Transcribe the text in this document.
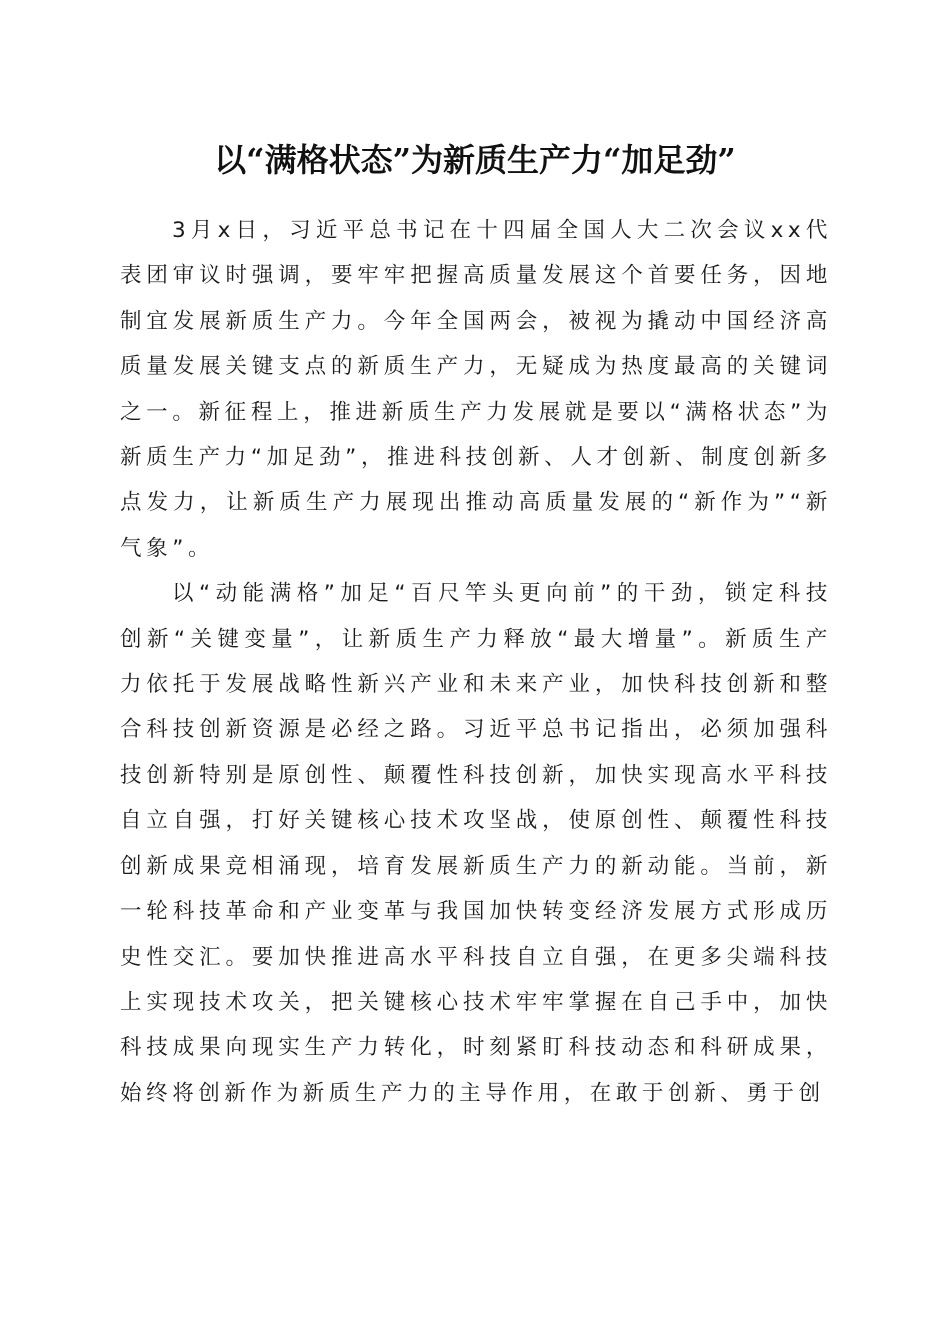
以“满格状态”为新质生产力“加足劲”

3月x日，习近平总书记在十四届全国人大二次会议xx代表团审议时强调，要牢牢把握高质量发展这个首要任务，因地制宜发展新质生产力。今年全国两会，被视为撬动中国经济高质量发展关键支点的新质生产力，无疑成为热度最高的关键词之一。新征程上，推进新质生产力发展就是要以“满格状态”为新质生产力“加足劲”，推进科技创新、人才创新、制度创新多点发力，让新质生产力展现出推动高质量发展的“新作为”“新气象”。

以“动能满格”加足“百尺竿头更向前”的干劲，锁定科技创新“关键变量”，让新质生产力释放“最大增量”。新质生产力依托于发展战略性新兴产业和未来产业，加快科技创新和整合科技创新资源是必经之路。习近平总书记指出，必须加强科技创新特别是原创性、颠覆性科技创新，加快实现高水平科技自立自强，打好关键核心技术攻坚战，使原创性、颠覆性科技创新成果竞相涌现，培育发展新质生产力的新动能。当前，新一轮科技革命和产业变革与我国加快转变经济发展方式形成历史性交汇。要加快推进高水平科技自立自强，在更多尖端科技上实现技术攻关，把关键核心技术牢牢掌握在自己手中，加快科技成果向现实生产力转化，时刻紧盯科技动态和科研成果，始终将创新作为新质生产力的主导作用，在敢于创新、勇于创
